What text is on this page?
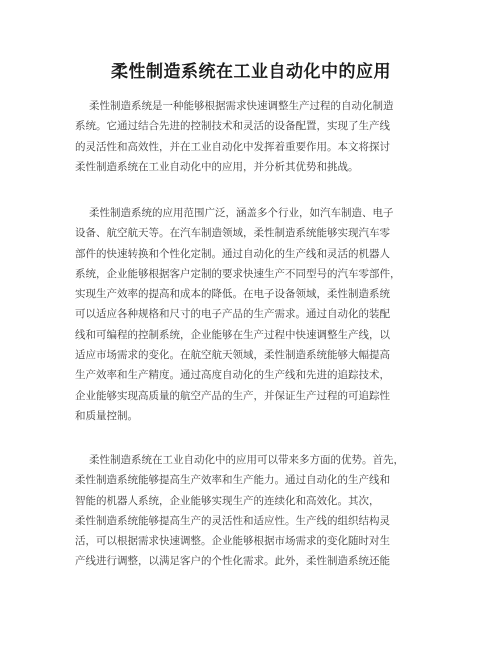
柔性制造系统在工业自动化中的应用
柔性制造系统是一种能够根据需求快速调整生产过程的自动化制造
系统。它通过结合先进的控制技术和灵活的设备配置，实现了生产线
的灵活性和高效性，并在工业自动化中发挥着重要作用。本文将探讨
柔性制造系统在工业自动化中的应用，并分析其优势和挑战。
柔性制造系统的应用范围广泛，涵盖多个行业，如汽车制造、电子
设备、航空航天等。在汽车制造领域，柔性制造系统能够实现汽车零
部件的快速转换和个性化定制。通过自动化的生产线和灵活的机器人
系统，企业能够根据客户定制的要求快速生产不同型号的汽车零部件，
实现生产效率的提高和成本的降低。在电子设备领域，柔性制造系统
可以适应各种规格和尺寸的电子产品的生产需求。通过自动化的装配
线和可编程的控制系统，企业能够在生产过程中快速调整生产线，以
适应市场需求的变化。在航空航天领域，柔性制造系统能够大幅提高
生产效率和生产精度。通过高度自动化的生产线和先进的追踪技术，
企业能够实现高质量的航空产品的生产，并保证生产过程的可追踪性
和质量控制。
柔性制造系统在工业自动化中的应用可以带来多方面的优势。首先，
柔性制造系统能够提高生产效率和生产能力。通过自动化的生产线和
智能的机器人系统，企业能够实现生产的连续化和高效化。其次，
柔性制造系统能够提高生产的灵活性和适应性。生产线的组织结构灵
活，可以根据需求快速调整。企业能够根据市场需求的变化随时对生
产线进行调整，以满足客户的个性化需求。此外，柔性制造系统还能
